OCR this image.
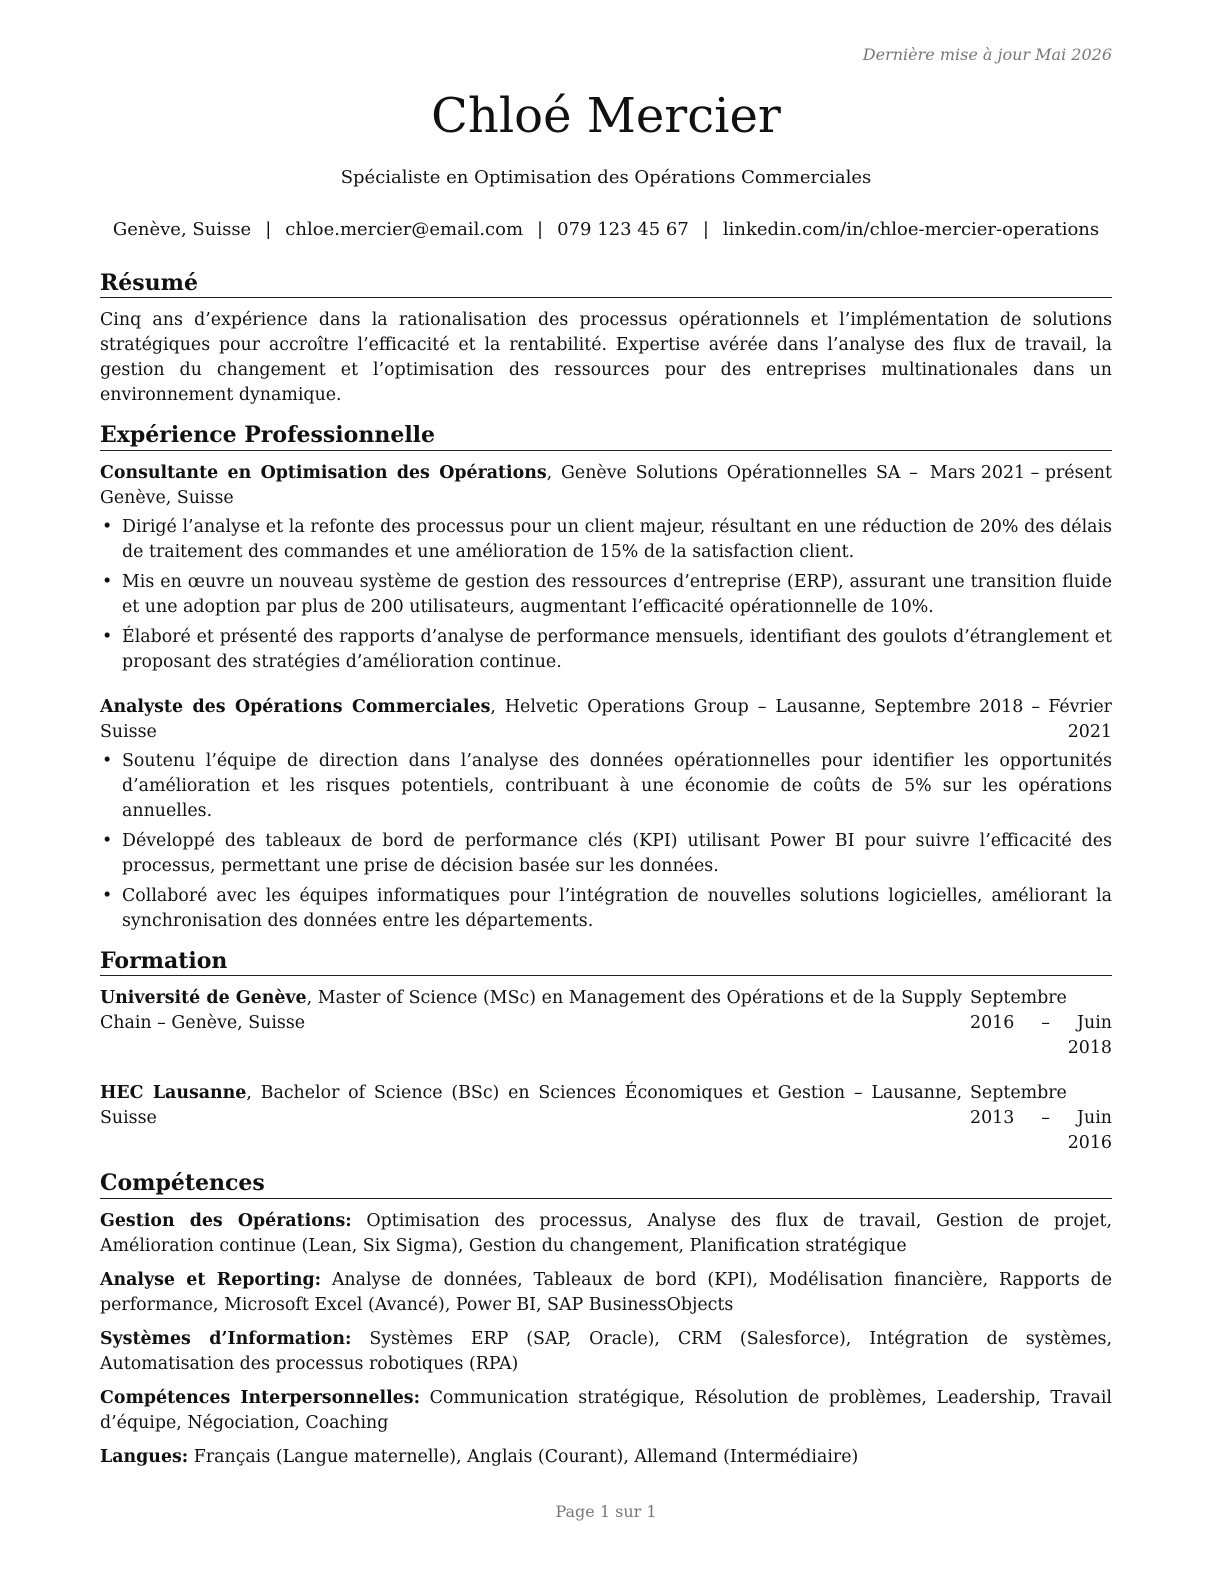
Dernière mise à jour Mai 2026
Chloé Mercier
Spécialiste en Optimisation des Opérations Commerciales
Genève, Suisse | chloe.mercier@email.com | 079 123 45 67 | linkedin.com/in/chloe-mercier-operations
Résumé

Cinq ans d’expérience dans la rationalisation des processus opérationnels et l’implémentation de solutions stratégiques pour accroître l’efficacité et la rentabilité. Expertise avérée dans l’analyse des flux de travail, la gestion du changement et l’optimisation des ressources pour des entreprises multinationales dans un environnement dynamique.

Expérience Professionnelle
Consultante en Optimisation des Opérations, Genève Solutions Opérationnelles SA – Genève, Suisse
Mars 2021 – présent
• Dirigé l’analyse et la refonte des processus pour un client majeur, résultant en une réduction de 20% des délais de traitement des commandes et une amélioration de 15% de la satisfaction client.
• Mis en œuvre un nouveau système de gestion des ressources d’entreprise (ERP), assurant une transition fluide et une adoption par plus de 200 utilisateurs, augmentant l’efficacité opérationnelle de 10%.
• Élaboré et présenté des rapports d’analyse de performance mensuels, identifiant des goulots d’étranglement et proposant des stratégies d’amélioration continue.
Analyste des Opérations Commerciales, Helvetic Operations Group – Lausanne, Suisse
Septembre 2018 – Février 2021
• Soutenu l’équipe de direction dans l’analyse des données opérationnelles pour identifier les opportunités d’amélioration et les risques potentiels, contribuant à une économie de coûts de 5% sur les opérations annuelles.
• Développé des tableaux de bord de performance clés (KPI) utilisant Power BI pour suivre l’efficacité des processus, permettant une prise de décision basée sur les données.
• Collaboré avec les équipes informatiques pour l’intégration de nouvelles solutions logicielles, améliorant la synchronisation des données entre les départements.
Formation
Université de Genève, Master of Science (MSc) en Management des Opérations et de la Supply Chain – Genève, Suisse
Septembre 2016 – Juin 2018
HEC Lausanne, Bachelor of Science (BSc) en Sciences Économiques et Gestion – Lausanne, Suisse
Septembre 2013 – Juin 2016
Compétences

Gestion des Opérations: Optimisation des processus, Analyse des flux de travail, Gestion de projet, Amélioration continue (Lean, Six Sigma), Gestion du changement, Planification stratégique

Analyse et Reporting: Analyse de données, Tableaux de bord (KPI), Modélisation financière, Rapports de performance, Microsoft Excel (Avancé), Power BI, SAP BusinessObjects

Systèmes d’Information: Systèmes ERP (SAP, Oracle), CRM (Salesforce), Intégration de systèmes, Automatisation des processus robotiques (RPA)

Compétences Interpersonnelles: Communication stratégique, Résolution de problèmes, Leadership, Travail d’équipe, Négociation, Coaching

Langues: Français (Langue maternelle), Anglais (Courant), Allemand (Intermédiaire)

Page 1 sur 1
